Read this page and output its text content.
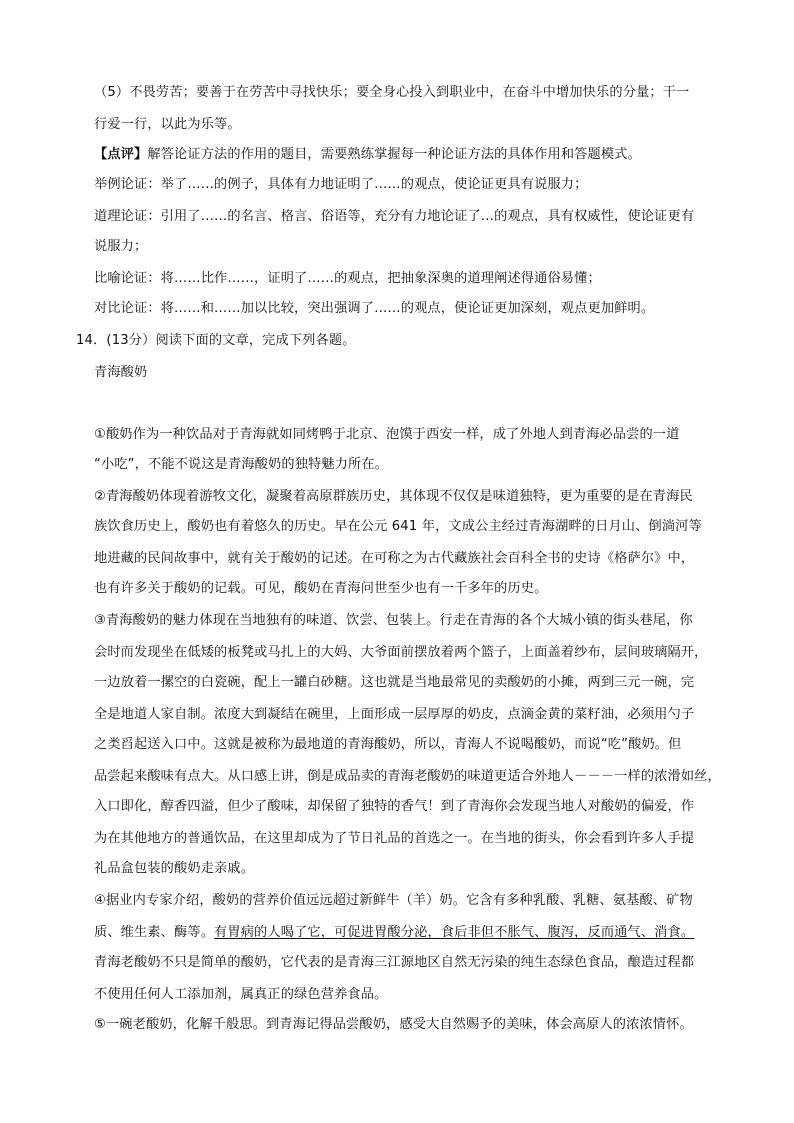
（5）不畏劳苦；要善于在劳苦中寻找快乐；要全身心投入到职业中，在奋斗中增加快乐的分量；干一
行爱一行，以此为乐等。
【点评】解答论证方法的作用的题目，需要熟练掌握每一种论证方法的具体作用和答题模式。
举例论证：举了……的例子，具体有力地证明了……的观点，使论证更具有说服力；
道理论证：引用了……的名言、格言、俗语等，充分有力地论证了…的观点，具有权威性，使论证更有
说服力；
比喻论证：将……比作……，证明了……的观点，把抽象深奥的道理阐述得通俗易懂；
对比论证：将……和……加以比较，突出强调了……的观点，使论证更加深刻，观点更加鲜明。
14．(13分）阅读下面的文章，完成下列各题。
青海酸奶
①酸奶作为一种饮品对于青海就如同烤鸭于北京、泡馍于西安一样，成了外地人到青海必品尝的一道
“小吃”，不能不说这是青海酸奶的独特魅力所在。
②青海酸奶体现着游牧文化，凝聚着高原群族历史，其体现不仅仅是味道独特，更为重要的是在青海民
族饮食历史上，酸奶也有着悠久的历史。早在公元 641 年，文成公主经过青海湖畔的日月山、倒淌河等
地进藏的民间故事中，就有关于酸奶的记述。在可称之为古代藏族社会百科全书的史诗《格萨尔》中，
也有许多关于酸奶的记载。可见，酸奶在青海问世至少也有一千多年的历史。
③青海酸奶的魅力体现在当地独有的味道、饮尝、包装上。行走在青海的各个大城小镇的街头巷尾，你
会时而发现坐在低矮的板凳或马扎上的大妈、大爷面前摆放着两个篮子，上面盖着纱布，层间玻璃隔开，
一边放着一摞空的白瓷碗，配上一罐白砂糖。这也就是当地最常见的卖酸奶的小摊，两到三元一碗，完
全是地道人家自制。浓度大到凝结在碗里，上面形成一层厚厚的奶皮，点滴金黄的菜籽油，必须用勺子
之类舀起送入口中。这就是被称为最地道的青海酸奶，所以，青海人不说喝酸奶，而说“吃”酸奶。但
品尝起来酸味有点大。从口感上讲，倒是成品卖的青海老酸奶的味道更适合外地人－－－一样的浓滑如丝，
入口即化，醇香四溢，但少了酸味，却保留了独特的香气！到了青海你会发现当地人对酸奶的偏爱，作
为在其他地方的普通饮品，在这里却成为了节日礼品的首选之一。在当地的街头，你会看到许多人手提
礼品盒包装的酸奶走亲戚。
④据业内专家介绍，酸奶的营养价值远远超过新鲜牛（羊）奶。它含有多种乳酸、乳糖、氨基酸、矿物
质、维生素、酶等。有胃病的人喝了它，可促进胃酸分泌，食后非但不胀气、腹泻，反而通气、消食。
青海老酸奶不只是简单的酸奶，它代表的是青海三江源地区自然无污染的纯生态绿色食品，酿造过程都
不使用任何人工添加剂，属真正的绿色营养食品。
⑤一碗老酸奶，化解千般思。到青海记得品尝酸奶，感受大自然赐予的美味，体会高原人的浓浓情怀。
